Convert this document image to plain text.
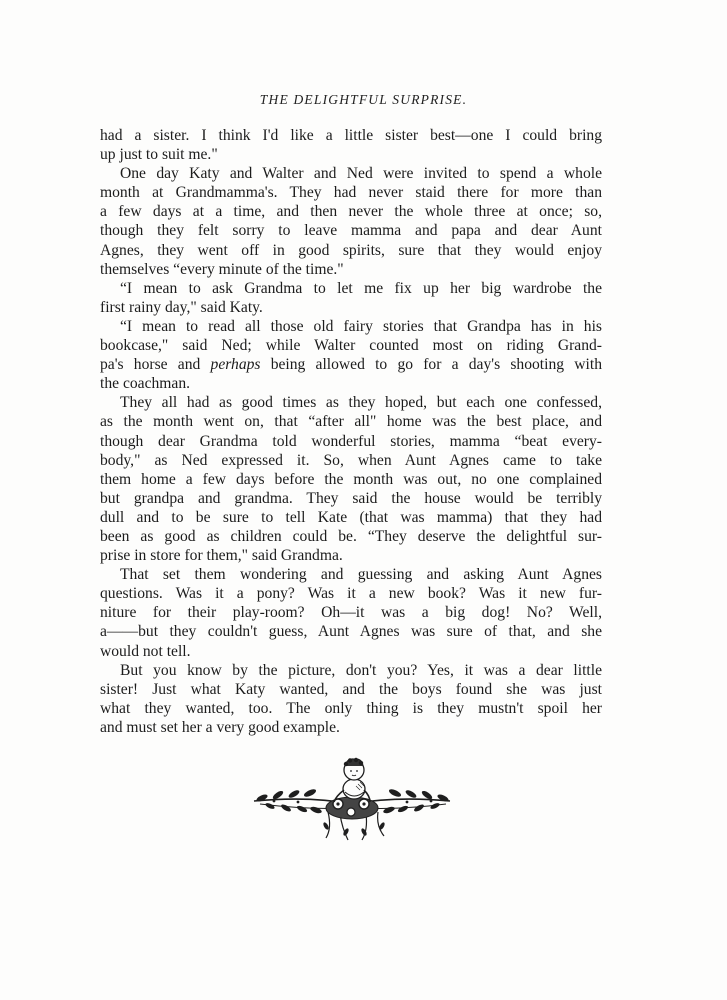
THE DELIGHTFUL SURPRISE.
had a sister. I think I'd like a little sister best—one I could bring
up just to suit me."
One day Katy and Walter and Ned were invited to spend a whole
month at Grandmamma's. They had never staid there for more than
a few days at a time, and then never the whole three at once; so,
though they felt sorry to leave mamma and papa and dear Aunt
Agnes, they went off in good spirits, sure that they would enjoy
themselves “every minute of the time."
“I mean to ask Grandma to let me fix up her big wardrobe the
first rainy day," said Katy.
“I mean to read all those old fairy stories that Grandpa has in his
bookcase," said Ned; while Walter counted most on riding Grand-
pa's horse and perhaps being allowed to go for a day's shooting with
the coachman.
They all had as good times as they hoped, but each one confessed,
as the month went on, that “after all" home was the best place, and
though dear Grandma told wonderful stories, mamma “beat every-
body," as Ned expressed it. So, when Aunt Agnes came to take
them home a few days before the month was out, no one complained
but grandpa and grandma. They said the house would be terribly
dull and to be sure to tell Kate (that was mamma) that they had
been as good as children could be. “They deserve the delightful sur-
prise in store for them," said Grandma.
That set them wondering and guessing and asking Aunt Agnes
questions. Was it a pony? Was it a new book? Was it new fur-
niture for their play-room? Oh—it was a big dog! No? Well,
a——but they couldn't guess, Aunt Agnes was sure of that, and she
would not tell.
But you know by the picture, don't you? Yes, it was a dear little
sister! Just what Katy wanted, and the boys found she was just
what they wanted, too. The only thing is they mustn't spoil her
and must set her a very good example.
